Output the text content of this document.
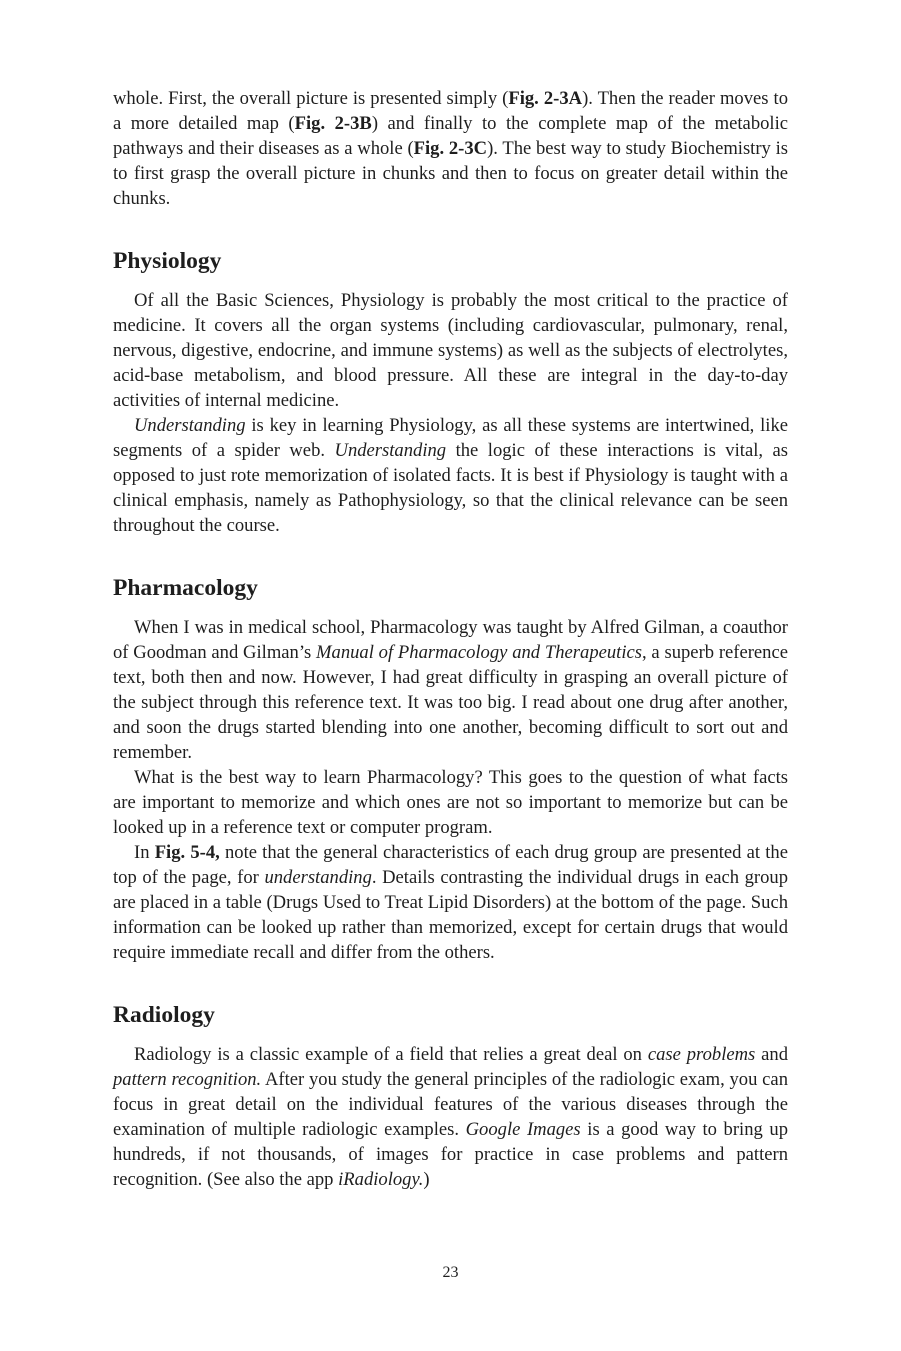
whole. First, the overall picture is presented simply (Fig. 2-3A). Then the reader moves to a more detailed map (Fig. 2-3B) and finally to the complete map of the metabolic pathways and their diseases as a whole (Fig. 2-3C). The best way to study Biochemistry is to first grasp the overall picture in chunks and then to focus on greater detail within the chunks.

Physiology

Of all the Basic Sciences, Physiology is probably the most critical to the practice of medicine. It covers all the organ systems (including cardiovascular, pulmonary, renal, nervous, digestive, endocrine, and immune systems) as well as the subjects of electrolytes, acid-base metabolism, and blood pressure. All these are integral in the day-to-day activities of internal medicine.

Understanding is key in learning Physiology, as all these systems are intertwined, like segments of a spider web. Understanding the logic of these interactions is vital, as opposed to just rote memorization of isolated facts. It is best if Physiology is taught with a clinical emphasis, namely as Pathophysiology, so that the clinical relevance can be seen throughout the course.

Pharmacology

When I was in medical school, Pharmacology was taught by Alfred Gilman, a coauthor of Goodman and Gilman’s Manual of Pharmacology and Therapeutics, a superb reference text, both then and now. However, I had great difficulty in grasping an overall picture of the subject through this reference text. It was too big. I read about one drug after another, and soon the drugs started blending into one another, becoming difficult to sort out and remember.

What is the best way to learn Pharmacology? This goes to the question of what facts are important to memorize and which ones are not so important to memorize but can be looked up in a reference text or computer program.

In Fig. 5-4, note that the general characteristics of each drug group are presented at the top of the page, for understanding. Details contrasting the individual drugs in each group are placed in a table (Drugs Used to Treat Lipid Disorders) at the bottom of the page. Such information can be looked up rather than memorized, except for certain drugs that would require immediate recall and differ from the others.

Radiology

Radiology is a classic example of a field that relies a great deal on case problems and pattern recognition. After you study the general principles of the radiologic exam, you can focus in great detail on the individual features of the various diseases through the examination of multiple radiologic examples. Google Images is a good way to bring up hundreds, if not thousands, of images for practice in case problems and pattern recognition. (See also the app iRadiology.)

23
